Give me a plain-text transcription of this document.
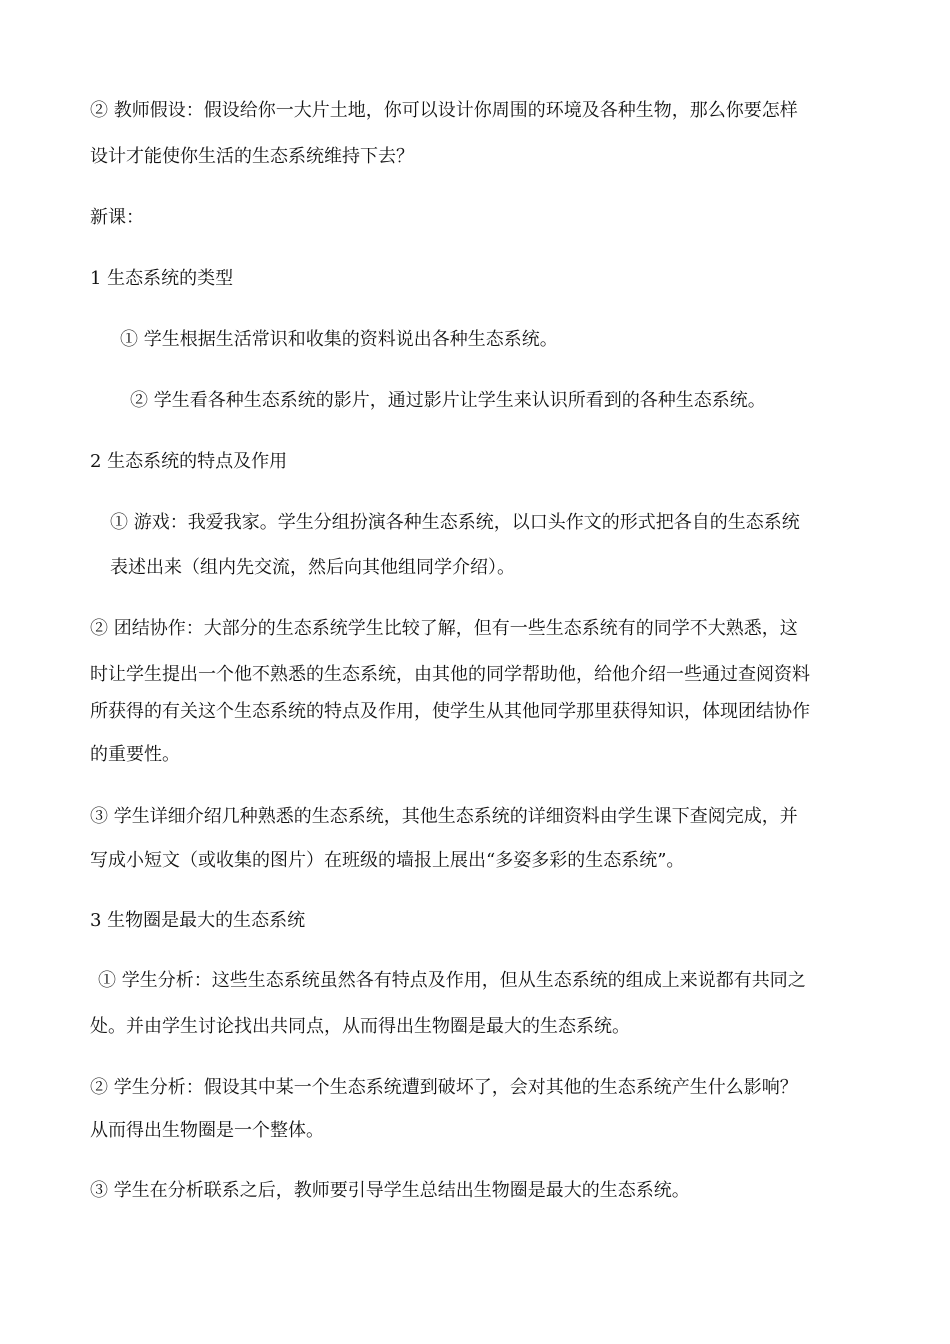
② 教师假设：假设给你一大片土地，你可以设计你周围的环境及各种生物，那么你要怎样

设计才能使你生活的生态系统维持下去？

新课：

1 生态系统的类型

① 学生根据生活常识和收集的资料说出各种生态系统。

② 学生看各种生态系统的影片，通过影片让学生来认识所看到的各种生态系统。

2 生态系统的特点及作用

① 游戏：我爱我家。学生分组扮演各种生态系统，以口头作文的形式把各自的生态系统

表述出来（组内先交流，然后向其他组同学介绍）。

② 团结协作：大部分的生态系统学生比较了解，但有一些生态系统有的同学不大熟悉，这

时让学生提出一个他不熟悉的生态系统，由其他的同学帮助他，给他介绍一些通过查阅资料

所获得的有关这个生态系统的特点及作用，使学生从其他同学那里获得知识，体现团结协作

的重要性。

③ 学生详细介绍几种熟悉的生态系统，其他生态系统的详细资料由学生课下查阅完成，并

写成小短文（或收集的图片）在班级的墙报上展出“多姿多彩的生态系统”。

3 生物圈是最大的生态系统

① 学生分析：这些生态系统虽然各有特点及作用，但从生态系统的组成上来说都有共同之

处。并由学生讨论找出共同点，从而得出生物圈是最大的生态系统。

② 学生分析：假设其中某一个生态系统遭到破坏了，会对其他的生态系统产生什么影响？

从而得出生物圈是一个整体。

③ 学生在分析联系之后，教师要引导学生总结出生物圈是最大的生态系统。
